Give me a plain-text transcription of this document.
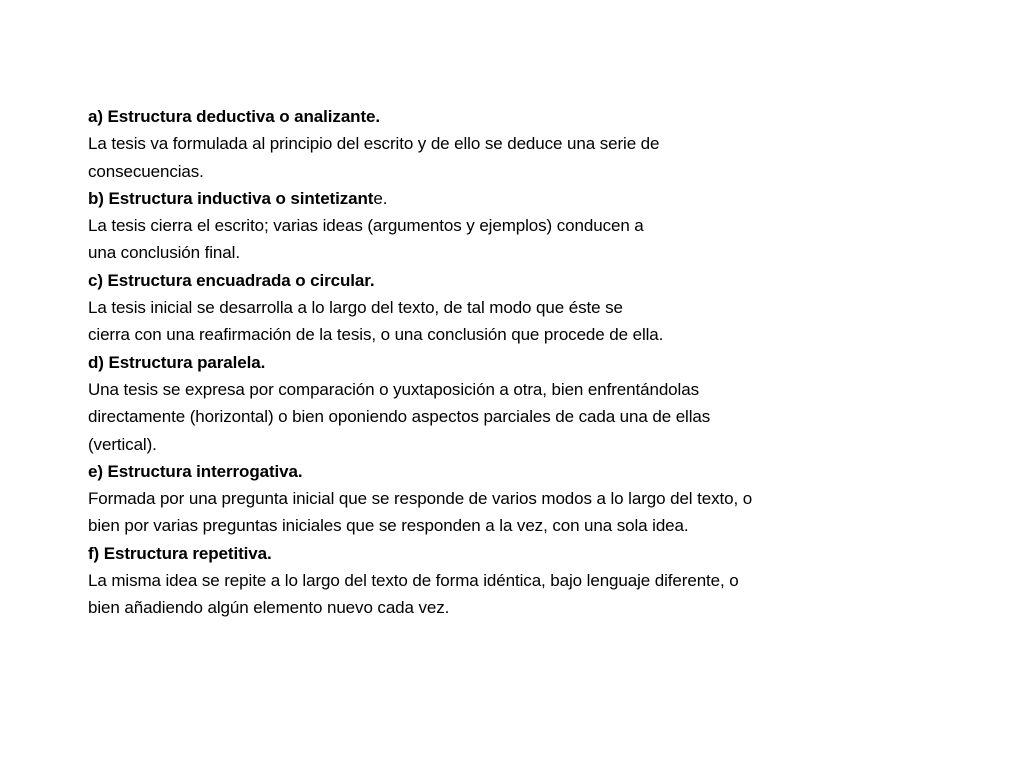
a) Estructura deductiva o analizante.
La tesis va formulada al principio del escrito y de ello se deduce una serie de
consecuencias.
b) Estructura inductiva o sintetizante.
La tesis cierra el escrito; varias ideas (argumentos y ejemplos) conducen a
una conclusión final.
c) Estructura encuadrada o circular.
La tesis inicial se desarrolla a lo largo del texto, de tal modo que éste se
cierra con una reafirmación de la tesis, o una conclusión que procede de ella.
d) Estructura paralela.
Una tesis se expresa por comparación o yuxtaposición a otra, bien enfrentándolas
directamente (horizontal) o bien oponiendo aspectos parciales de cada una de ellas
(vertical).
e) Estructura interrogativa.
Formada por una pregunta inicial que se responde de varios modos a lo largo del texto, o
bien por varias preguntas iniciales que se responden a la vez, con una sola idea.
f) Estructura repetitiva.
La misma idea se repite a lo largo del texto de forma idéntica, bajo lenguaje diferente, o
bien añadiendo algún elemento nuevo cada vez.
